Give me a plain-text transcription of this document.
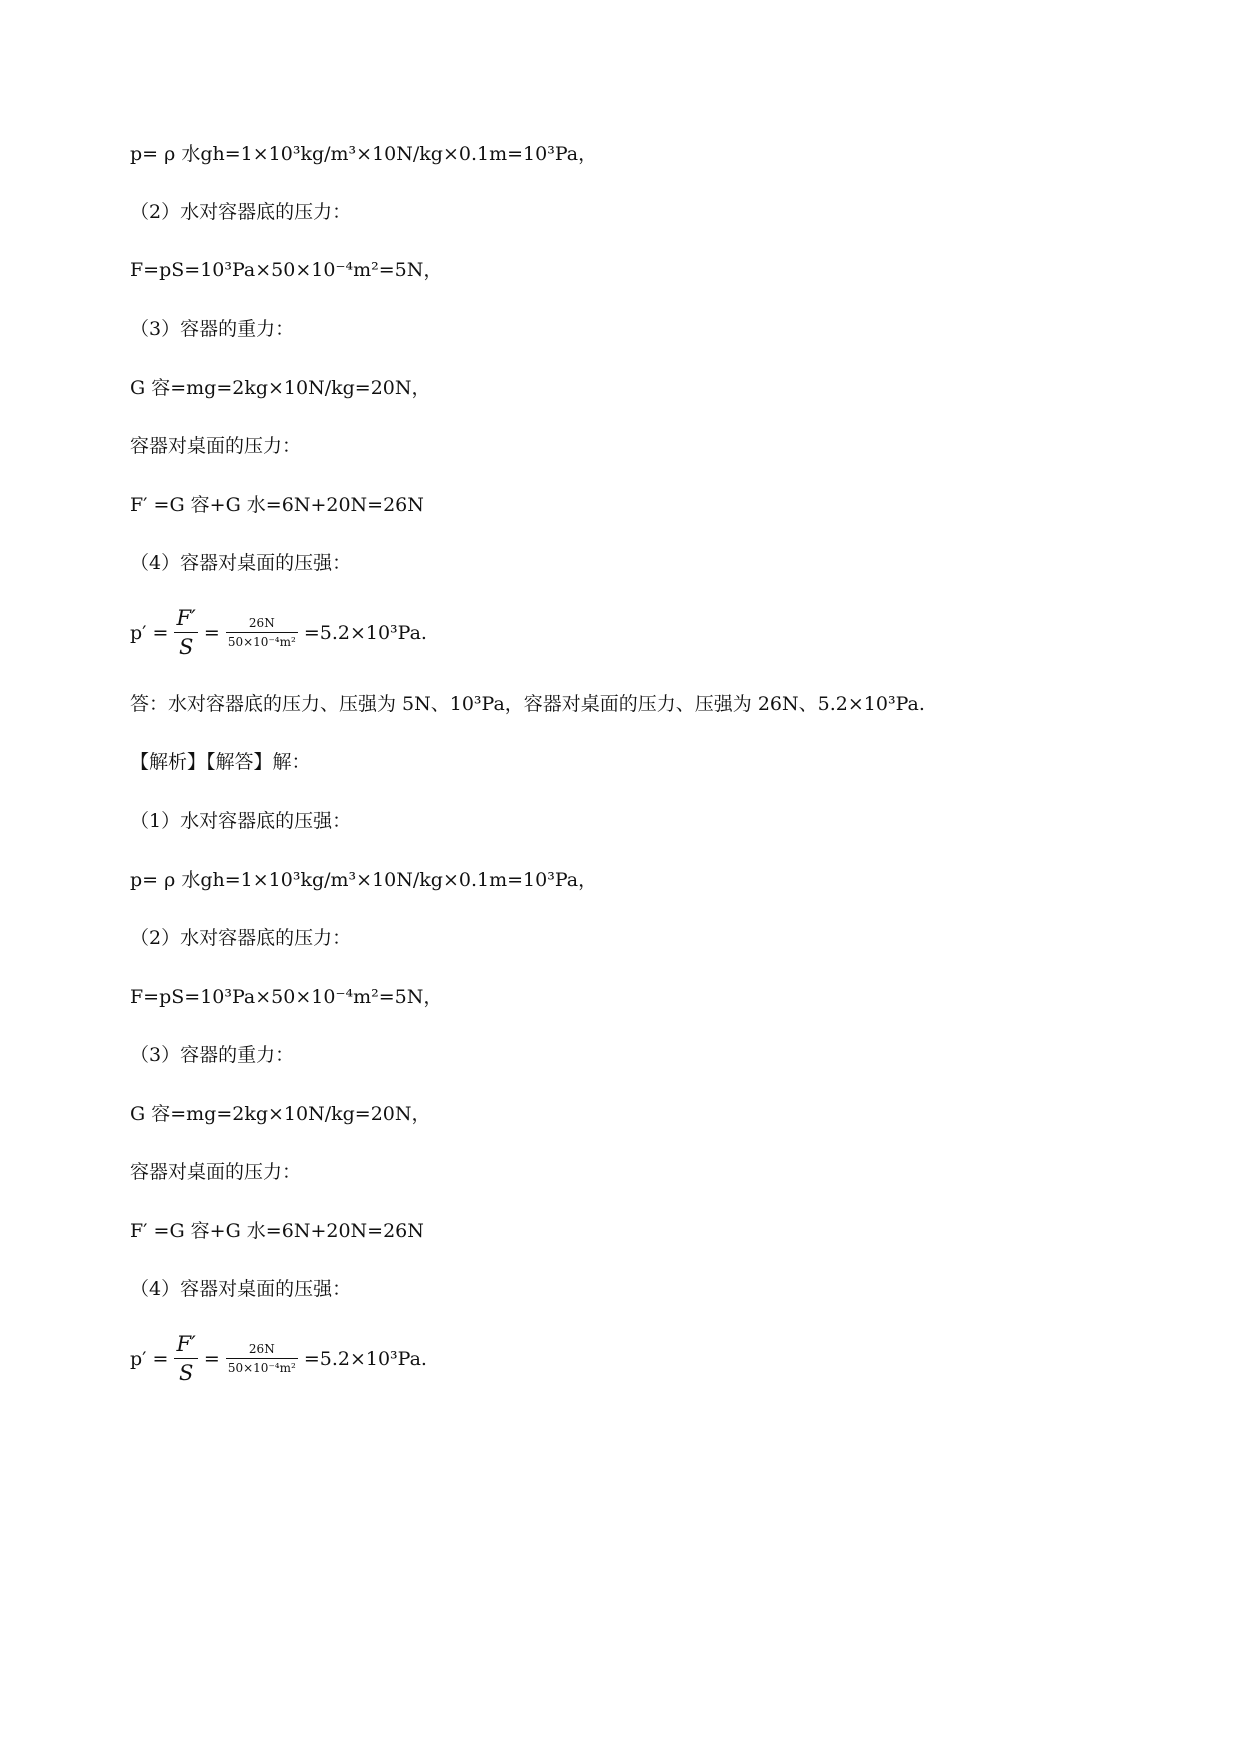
p= ρ 水gh=1×10³kg/m³×10N/kg×0.1m=10³Pa，
（2）水对容器底的压力：
F=pS=10³Pa×50×10⁻⁴m²=5N，
（3）容器的重力：
G 容=mg=2kg×10N/kg=20N，
容器对桌面的压力：
F′ =G 容+G 水=6N+20N=26N
（4）容器对桌面的压强：
$p' = \frac{F'}{S} = \frac{26N}{\text{50×10⁻⁴m²}} =5.2\times 10^3Pa$.
答：水对容器底的压力、压强为 5N、10³Pa，容器对桌面的压力、压强为 26N、5.2×10³Pa.
【解析】【解答】解：
（1）水对容器底的压强：
p= ρ 水gh=1×10³kg/m³×10N/kg×0.1m=10³Pa，
（2）水对容器底的压力：
F=pS=10³Pa×50×10⁻⁴m²=5N，
（3）容器的重力：
G 容=mg=2kg×10N/kg=20N，
容器对桌面的压力：
F′ =G 容+G 水=6N+20N=26N
（4）容器对桌面的压强：
$p' = \frac{F'}{S} = \frac{26N}{\text{50×10⁻⁴m²}} =5.2\times 10^3Pa$.
